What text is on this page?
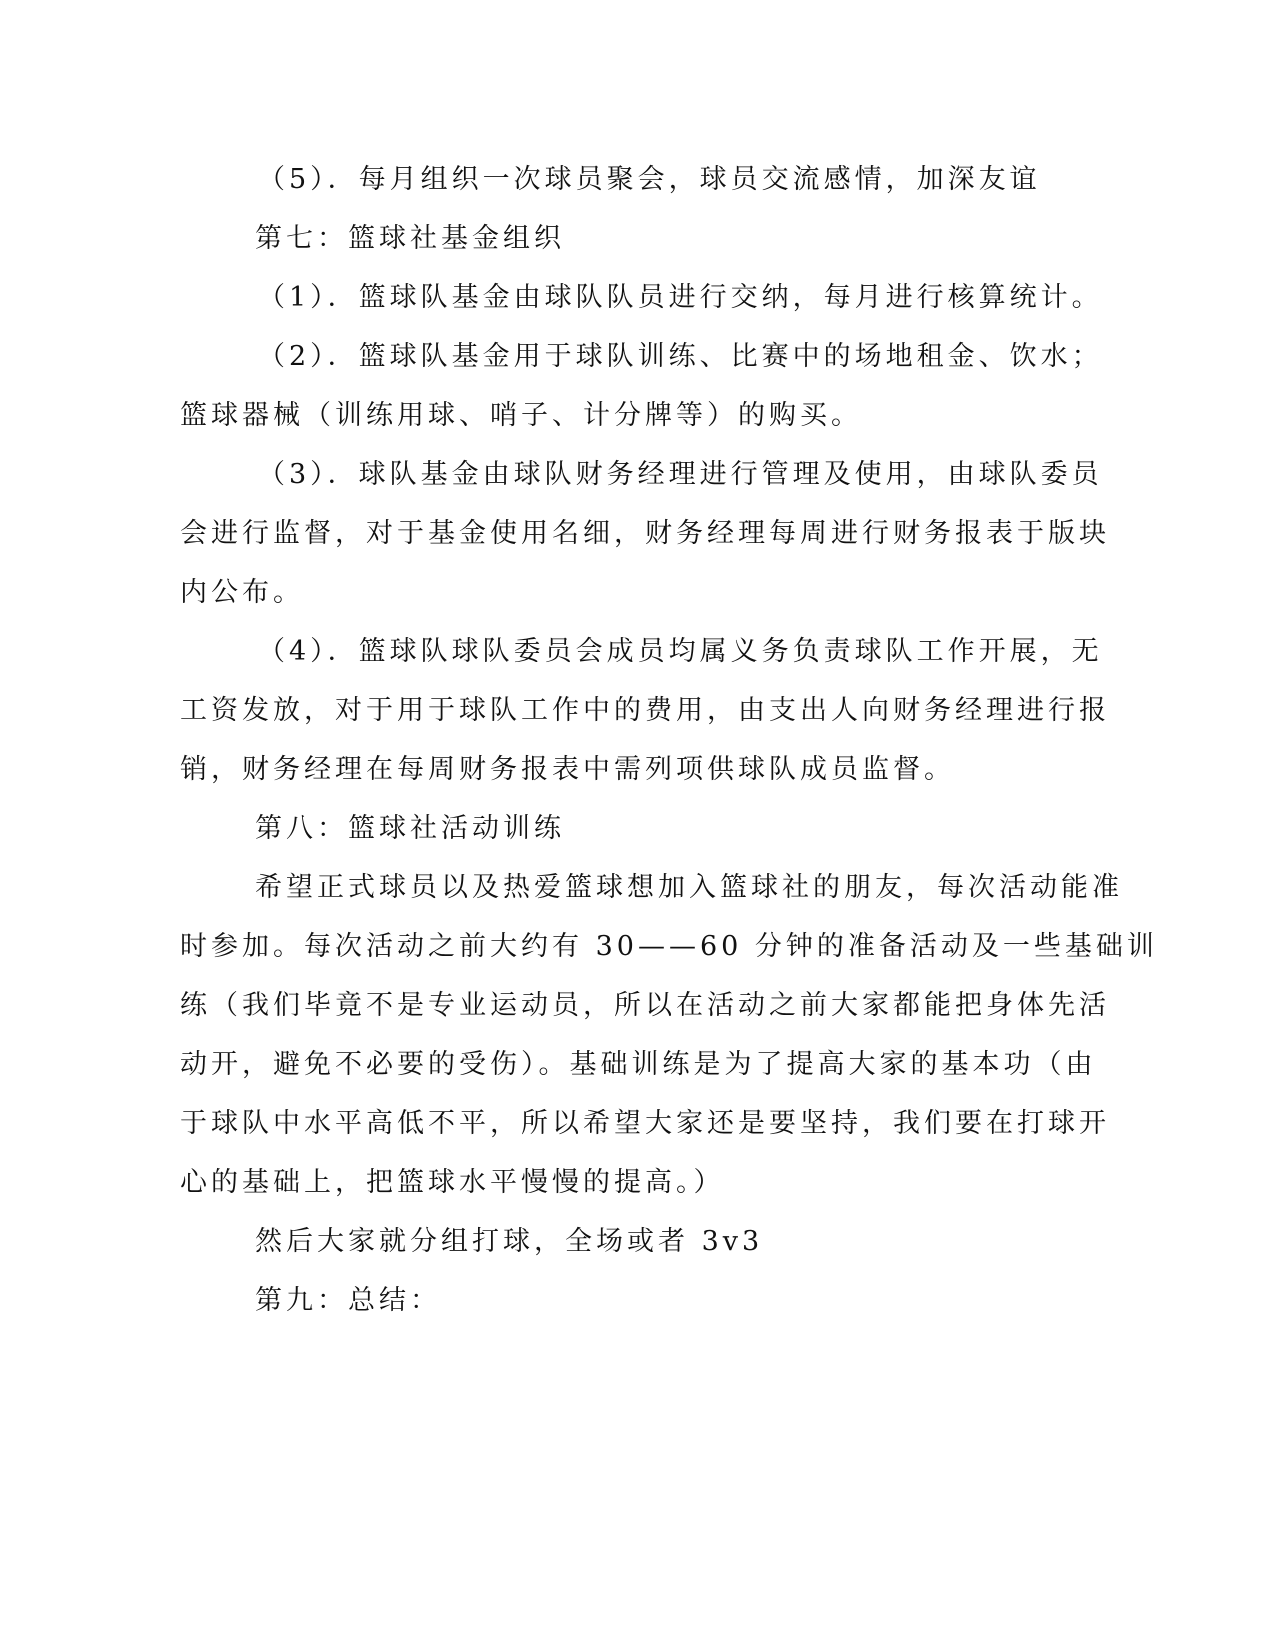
（5）．每月组织一次球员聚会，球员交流感情，加深友谊
第七：篮球社基金组织
（1）．篮球队基金由球队队员进行交纳，每月进行核算统计。
（2）．篮球队基金用于球队训练、比赛中的场地租金、饮水；
篮球器械（训练用球、哨子、计分牌等）的购买。
（3）．球队基金由球队财务经理进行管理及使用，由球队委员
会进行监督，对于基金使用名细，财务经理每周进行财务报表于版块
内公布。
（4）．篮球队球队委员会成员均属义务负责球队工作开展，无
工资发放，对于用于球队工作中的费用，由支出人向财务经理进行报
销，财务经理在每周财务报表中需列项供球队成员监督。
第八：篮球社活动训练
希望正式球员以及热爱篮球想加入篮球社的朋友，每次活动能准
时参加。每次活动之前大约有 30——60 分钟的准备活动及一些基础训
练（我们毕竟不是专业运动员，所以在活动之前大家都能把身体先活
动开，避免不必要的受伤）。基础训练是为了提高大家的基本功（由
于球队中水平高低不平，所以希望大家还是要坚持，我们要在打球开
心的基础上，把篮球水平慢慢的提高。）
然后大家就分组打球，全场或者 3v3
第九：总结：
